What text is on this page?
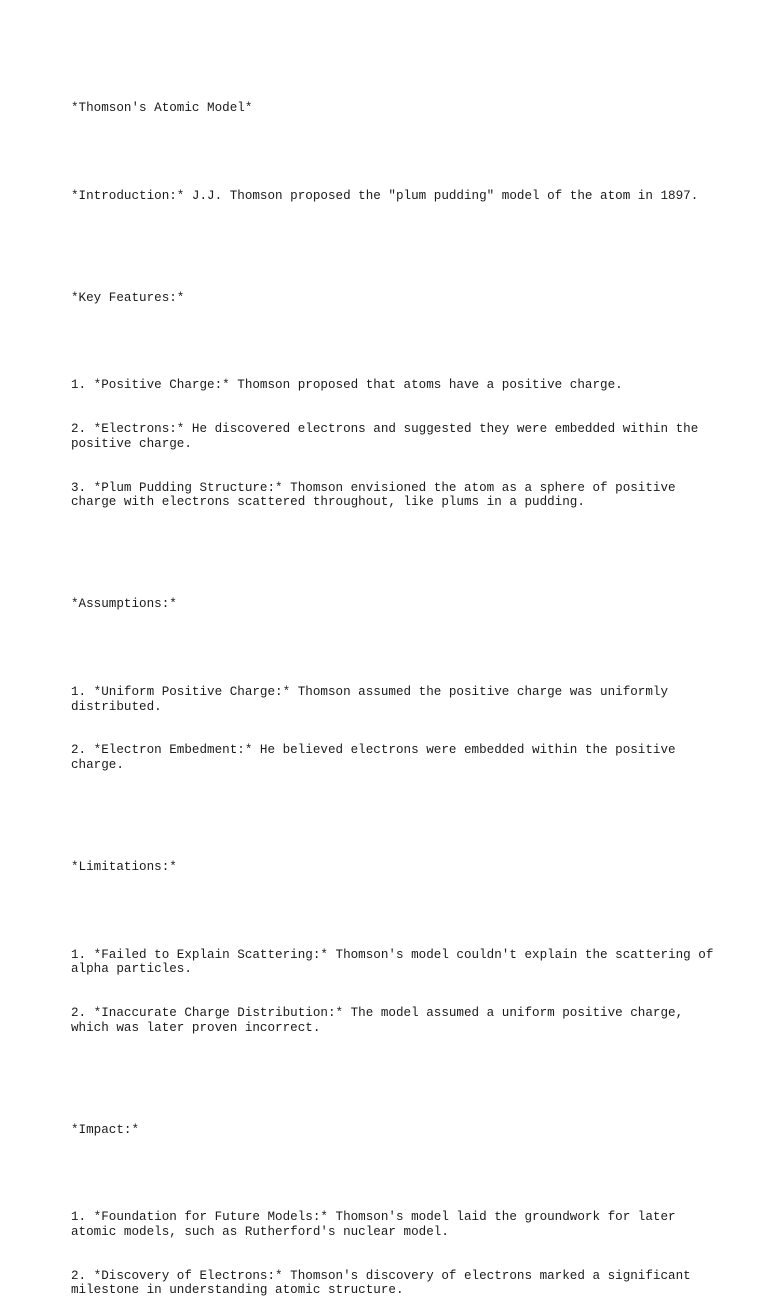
*Thomson's Atomic Model*

*Introduction:* J.J. Thomson proposed the "plum pudding" model of the atom in 1897.

*Key Features:*

1. *Positive Charge:* Thomson proposed that atoms have a positive charge.

2. *Electrons:* He discovered electrons and suggested they were embedded within the positive charge.

3. *Plum Pudding Structure:* Thomson envisioned the atom as a sphere of positive charge with electrons scattered throughout, like plums in a pudding.

*Assumptions:*

1. *Uniform Positive Charge:* Thomson assumed the positive charge was uniformly distributed.

2. *Electron Embedment:* He believed electrons were embedded within the positive charge.

*Limitations:*

1. *Failed to Explain Scattering:* Thomson's model couldn't explain the scattering of alpha particles.

2. *Inaccurate Charge Distribution:* The model assumed a uniform positive charge, which was later proven incorrect.

*Impact:*

1. *Foundation for Future Models:* Thomson's model laid the groundwork for later atomic models, such as Rutherford's nuclear model.

2. *Discovery of Electrons:* Thomson's discovery of electrons marked a significant milestone in understanding atomic structure.
